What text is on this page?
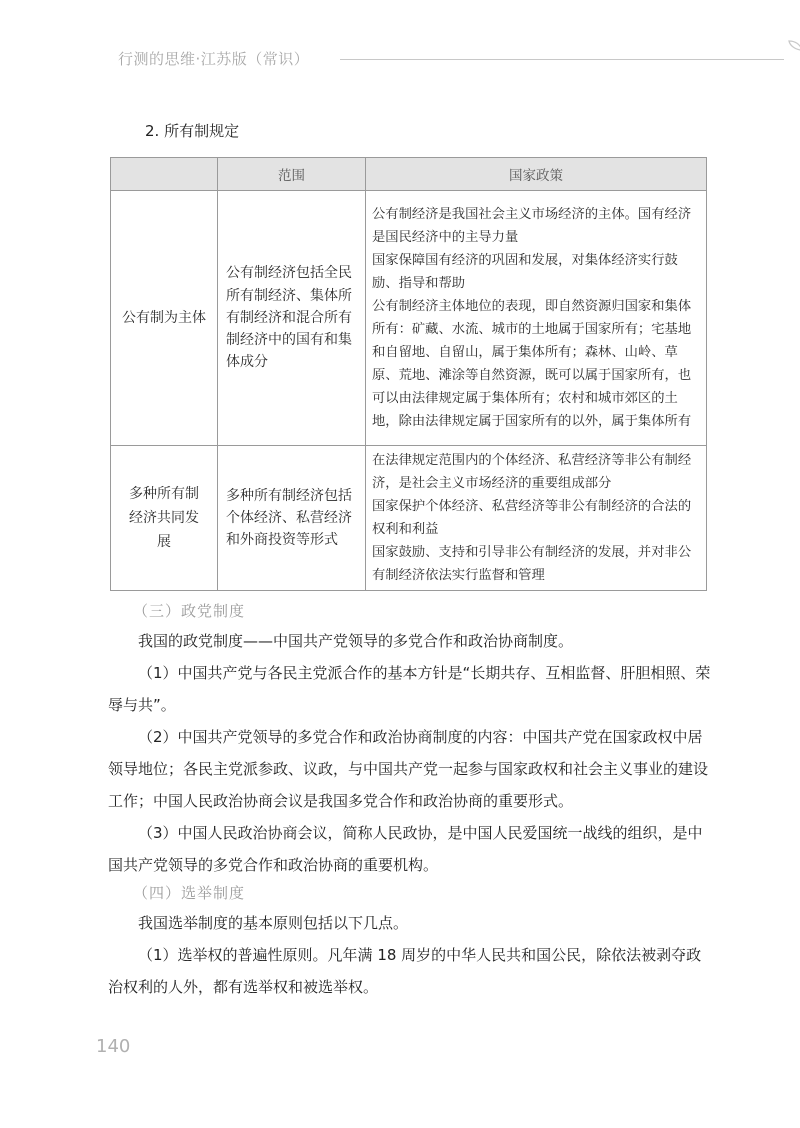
行测的思维·江苏版（常识）
2. 所有制规定
	范围	国家政策
公有制为主体	公有制经济包括全民所有制经济、集体所有制经济和混合所有制经济中的国有和集体成分	公有制经济是我国社会主义市场经济的主体。国有经济是国民经济中的主导力量
国家保障国有经济的巩固和发展，对集体经济实行鼓励、指导和帮助
公有制经济主体地位的表现，即自然资源归国家和集体所有：矿藏、水流、城市的土地属于国家所有；宅基地和自留地、自留山，属于集体所有；森林、山岭、草原、荒地、滩涂等自然资源，既可以属于国家所有，也可以由法律规定属于集体所有；农村和城市郊区的土地，除由法律规定属于国家所有的以外，属于集体所有

多种所有制经济共同发展	多种所有制经济包括个体经济、私营经济和外商投资等形式	在法律规定范围内的个体经济、私营经济等非公有制经济，是社会主义市场经济的重要组成部分
国家保护个体经济、私营经济等非公有制经济的合法的权利和利益
国家鼓励、支持和引导非公有制经济的发展，并对非公有制经济依法实行监督和管理
（三）政党制度

我国的政党制度——中国共产党领导的多党合作和政治协商制度。

（1）中国共产党与各民主党派合作的基本方针是“长期共存、互相监督、肝胆相照、荣辱与共”。

（2）中国共产党领导的多党合作和政治协商制度的内容：中国共产党在国家政权中居领导地位；各民主党派参政、议政，与中国共产党一起参与国家政权和社会主义事业的建设工作；中国人民政治协商会议是我国多党合作和政治协商的重要形式。

（3）中国人民政治协商会议，简称人民政协，是中国人民爱国统一战线的组织，是中国共产党领导的多党合作和政治协商的重要机构。

（四）选举制度

我国选举制度的基本原则包括以下几点。

（1）选举权的普遍性原则。凡年满 18 周岁的中华人民共和国公民，除依法被剥夺政治权利的人外，都有选举权和被选举权。

140
